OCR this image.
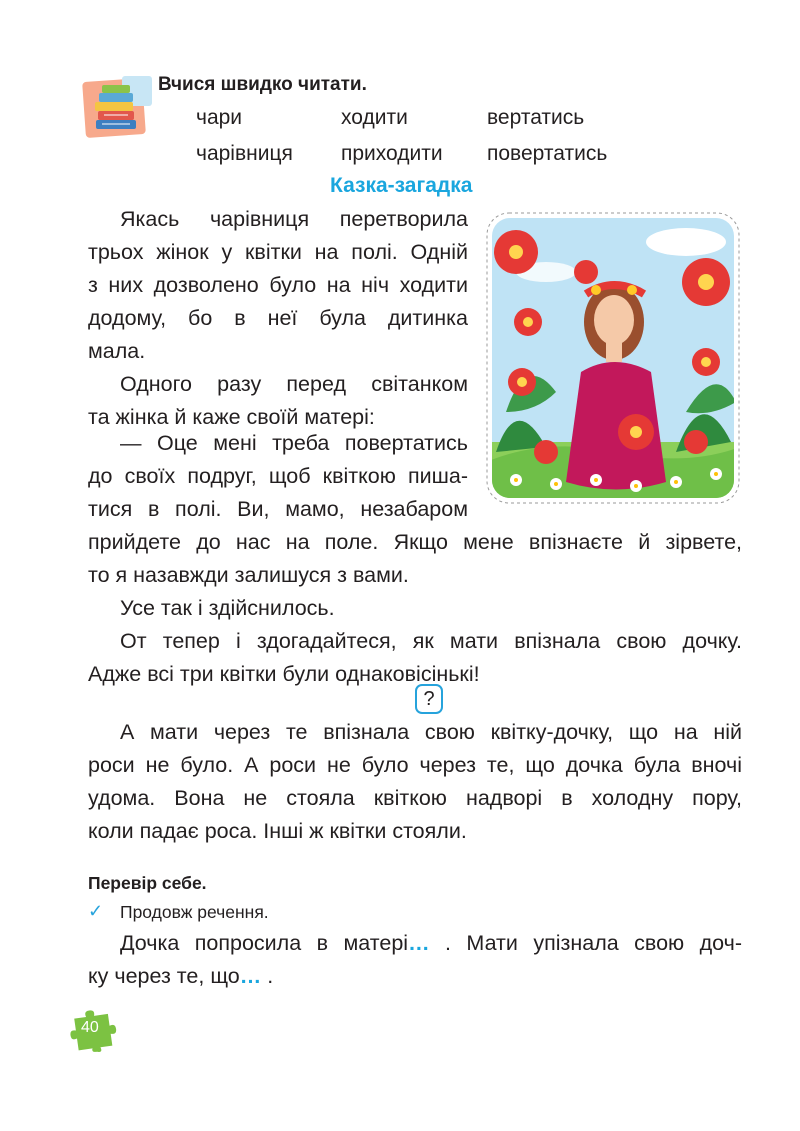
Вчися швидко читати.
чари	ходити	вертатись
чарівниця приходити повертатись
Казка-загадка
Якась чарівниця перетворила
трьох жінок у квітки на полі. Одній
з них дозволено було на ніч ходити
додому, бо в неї була дитинка
мала.
Одного разу перед світанком
та жінка й каже своїй матері:
— Оце мені треба повертатись
до своїх подруг, щоб квіткою пиша-
тися в полі. Ви, мамо, незабаром
прийдете до нас на поле. Якщо мене впізнаєте й зірвете,
то я назавжди залишуся з вами.
Усе так і здійснилось.
От тепер і здогадайтеся, як мати впізнала свою дочку.
Адже всі три квітки були однаковісінькі!
?
А мати через те впізнала свою квітку-дочку, що на ній
роси не було. А роси не було через те, що дочка була вночі
удома. Вона не стояла квіткою надворі в холодну пору,
коли падає роса. Інші ж квітки стояли.
Перевір себе.
✓ Продовж речення.
Дочка попросила в матері… . Мати упізнала свою доч-
ку через те, що… .
40
